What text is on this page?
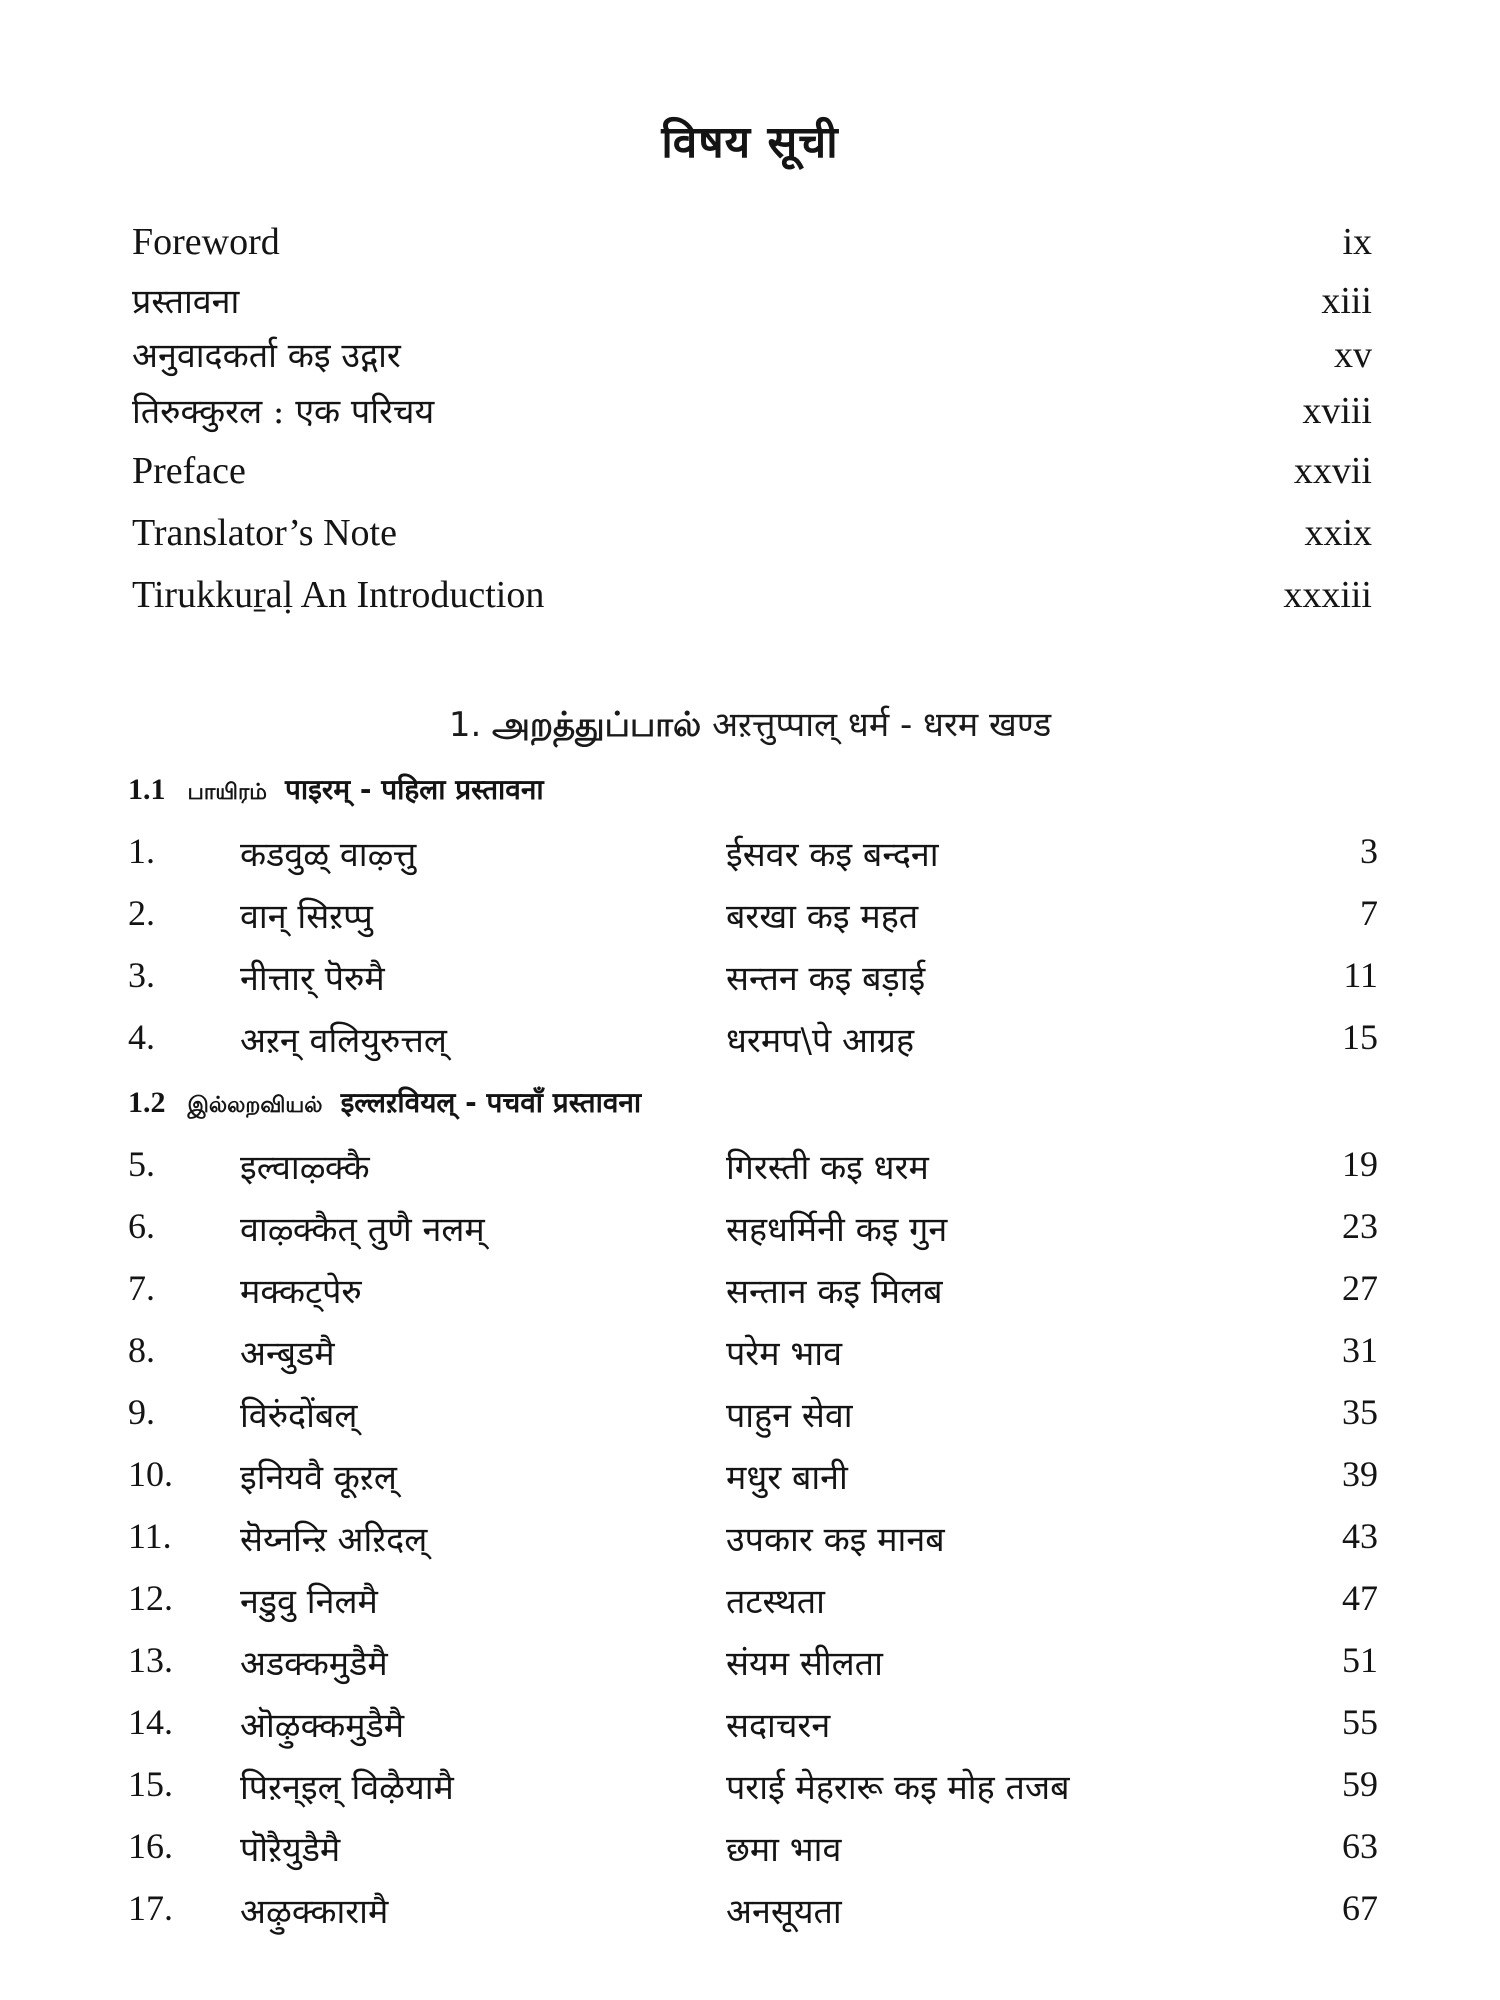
विषय सूची
Foreword	ix
प्रस्तावना	xiii
अनुवादकर्ता कइ उद्गार	xv
तिरुक्कुरल : एक परिचय	xviii
Preface	xxvii
Translator’s Note	xxix
Tirukkuṟaḷ An Introduction	xxxiii
1. அறத்துப்பால் अऱत्तुप्पाल् धर्म - धरम खण्ड
1.1 பாயிரம் पाइरम् - पहिला प्रस्तावना
1.	कडवुळ् वाऴ्त्तु	ईसवर कइ बन्दना	3
2.	वान् सिऱप्पु	बरखा कइ महत	7
3.	नीत्तार् पॆरुमै	सन्तन कइ बड़ाई	11
4.	अऱन् वलियुरुत्तल्	धरमप\पे आग्रह	15
1.2 இல்லறவியல் इल्लऱवियल् - पचवाँ प्रस्तावना
5.	इल्वाऴ्क्कै	गिरस्ती कइ धरम	19
6.	वाऴ्क्कैत् तुणै नलम्	सहधर्मिनी कइ गुन	23
7.	मक्कट्पेरु	सन्तान कइ मिलब	27
8.	अन्बुडमै	परेम भाव	31
9.	विरुंदोंबल्	पाहुन सेवा	35
10. इनियवै कूऱल्	मधुर बानी	39
11. सॆय्नन्ऱि अऱिदल्	उपकार कइ मानब	43
12. नडुवु निलमै	तटस्थता	47
13. अडक्कमुडैमै	संयम सीलता	51
14. ऒऴुक्कमुडैमै	सदाचरन	55
15. पिऱन्इल् विऴैयामै	पराई मेहरारू कइ मोह तजब	59
16. पॊऱैयुडैमै	छमा भाव	63
17. अऴुक्कारामै	अनसूयता	67
